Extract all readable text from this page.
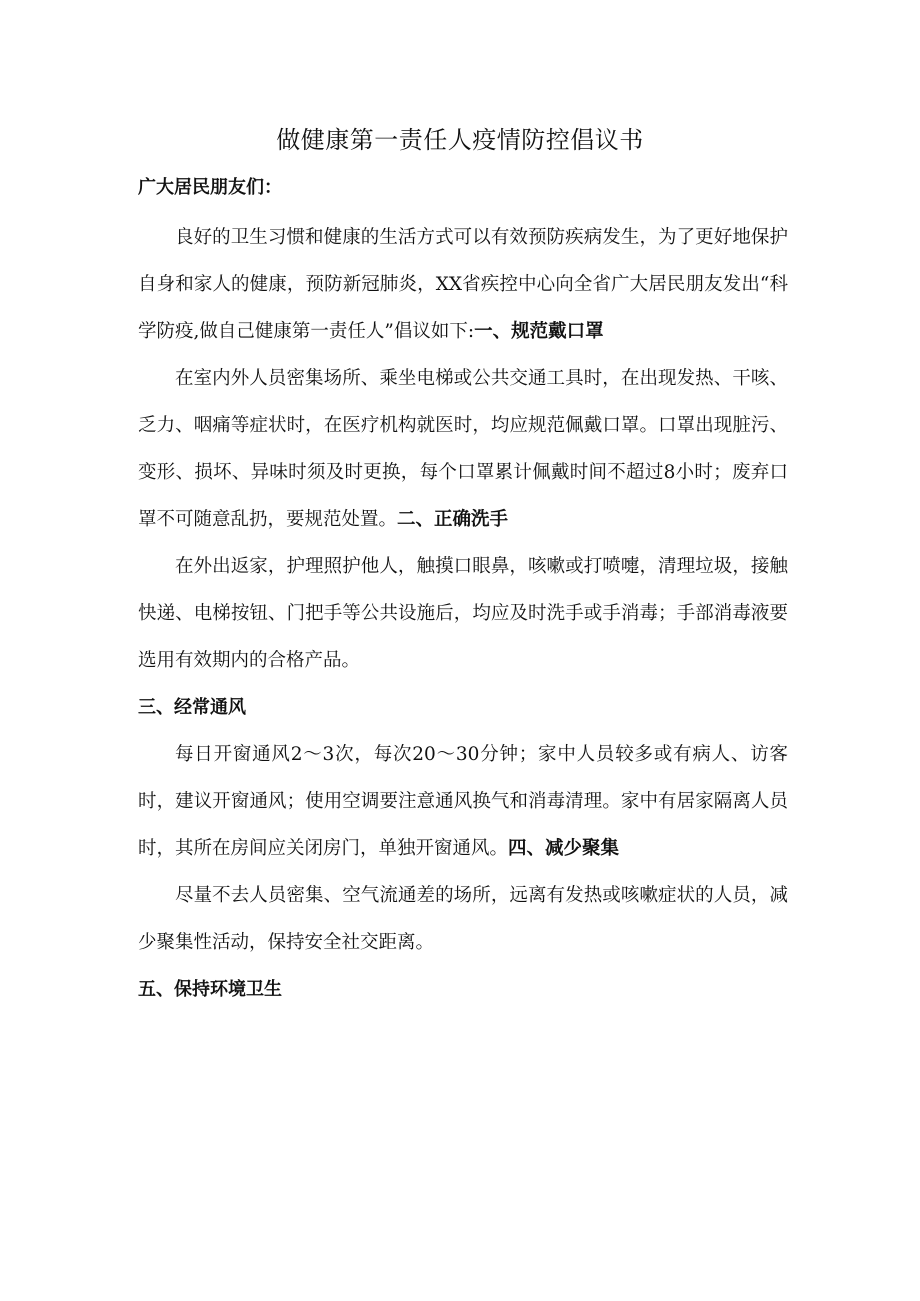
做健康第一责任人疫情防控倡议书
广大居民朋友们：

良好的卫生习惯和健康的生活方式可以有效预防疾病发生，为了更好地保护自身和家人的健康，预防新冠肺炎，XX省疾控中心向全省广大居民朋友发出“科学防疫,做自己健康第一责任人”倡议如下:一、规范戴口罩

在室内外人员密集场所、乘坐电梯或公共交通工具时，在出现发热、干咳、乏力、咽痛等症状时，在医疗机构就医时，均应规范佩戴口罩。口罩出现脏污、变形、损坏、异味时须及时更换，每个口罩累计佩戴时间不超过8小时；废弃口罩不可随意乱扔，要规范处置。二、正确洗手

在外出返家，护理照护他人，触摸口眼鼻，咳嗽或打喷嚏，清理垃圾，接触快递、电梯按钮、门把手等公共设施后，均应及时洗手或手消毒；手部消毒液要选用有效期内的合格产品。

三、经常通风

每日开窗通风2～3次，每次20～30分钟；家中人员较多或有病人、访客时，建议开窗通风；使用空调要注意通风换气和消毒清理。家中有居家隔离人员时，其所在房间应关闭房门，单独开窗通风。四、减少聚集

尽量不去人员密集、空气流通差的场所，远离有发热或咳嗽症状的人员，减少聚集性活动，保持安全社交距离。

五、保持环境卫生
